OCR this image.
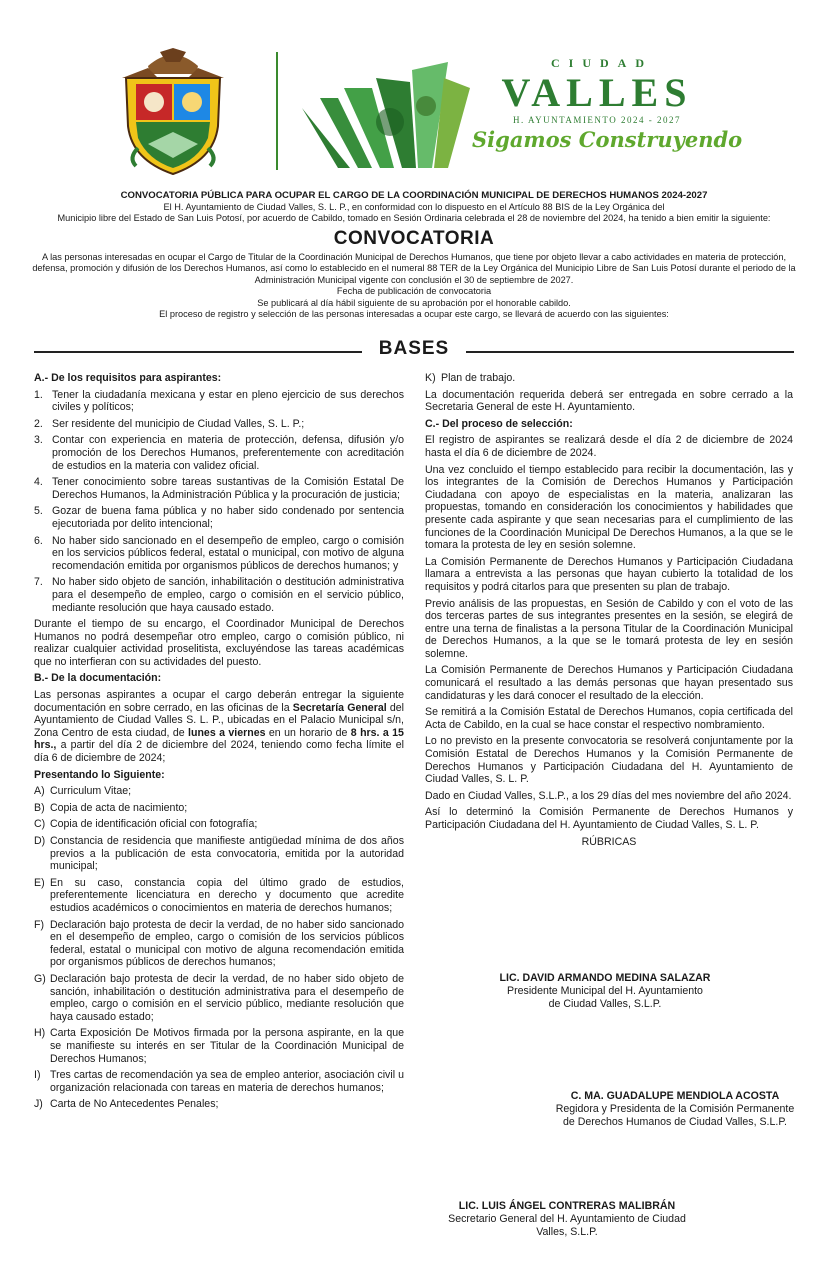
CIUDAD
VALLES
H. AYUNTAMIENTO 2024 - 2027
Sigamos Construyendo
CONVOCATORIA PÚBLICA PARA OCUPAR EL CARGO DE LA COORDINACIÓN MUNICIPAL DE DERECHOS HUMANOS 2024-2027
El H. Ayuntamiento de Ciudad Valles, S. L. P., en conformidad con lo dispuesto en el Artículo 88 BIS de la Ley Orgánica del
Municipio libre del Estado de San Luis Potosí, por acuerdo de Cabildo, tomado en Sesión Ordinaria celebrada el 28 de noviembre del 2024, ha tenido a bien emitir la siguiente:
CONVOCATORIA
A las personas interesadas en ocupar el Cargo de Titular de la Coordinación Municipal de Derechos Humanos, que tiene por objeto llevar a cabo actividades en materia de protección, defensa, promoción y difusión de los Derechos Humanos, así como lo establecido en el numeral 88 TER de la Ley Orgánica del Municipio Libre de San Luis Potosí durante el periodo de la Administración Municipal vigente con conclusión el 30 de septiembre de 2027.
Fecha de publicación de convocatoria
Se publicará al día hábil siguiente de su aprobación por el honorable cabildo.
El proceso de registro y selección de las personas interesadas a ocupar este cargo, se llevará de acuerdo con las siguientes:
BASES
A.- De los requisitos para aspirantes:
1. Tener la ciudadanía mexicana y estar en pleno ejercicio de sus derechos civiles y políticos;
2. Ser residente del municipio de Ciudad Valles, S. L. P.;
3. Contar con experiencia en materia de protección, defensa, difusión y/o promoción de los Derechos Humanos, preferentemente con acreditación de estudios en la materia con validez oficial.
4. Tener conocimiento sobre tareas sustantivas de la Comisión Estatal De Derechos Humanos, la Administración Pública y la procuración de justicia;
5. Gozar de buena fama pública y no haber sido condenado por sentencia ejecutoriada por delito intencional;
6. No haber sido sancionado en el desempeño de empleo, cargo o comisión en los servicios públicos federal, estatal o municipal, con motivo de alguna recomendación emitida por organismos públicos de derechos humanos; y
7. No haber sido objeto de sanción, inhabilitación o destitución administrativa para el desempeño de empleo, cargo o comisión en el servicio público, mediante resolución que haya causado estado.

Durante el tiempo de su encargo, el Coordinador Municipal de Derechos Humanos no podrá desempeñar otro empleo, cargo o comisión público, ni realizar cualquier actividad proselitista, excluyéndose las tareas académicas que no interfieran con su actividades del puesto.

B.- De la documentación:

Las personas aspirantes a ocupar el cargo deberán entregar la siguiente documentación en sobre cerrado, en las oficinas de la Secretaría General del Ayuntamiento de Ciudad Valles S. L. P., ubicadas en el Palacio Municipal s/n, Zona Centro de esta ciudad, de lunes a viernes en un horario de 8 hrs. a 15 hrs., a partir del día 2 de diciembre del 2024, teniendo como fecha límite el día 6 de diciembre de 2024;

Presentando lo Siguiente:
A) Curriculum Vitae;
B) Copia de acta de nacimiento;
C) Copia de identificación oficial con fotografía;
D) Constancia de residencia que manifieste antigüedad mínima de dos años previos a la publicación de esta convocatoria, emitida por la autoridad municipal;
E) En su caso, constancia copia del último grado de estudios, preferentemente licenciatura en derecho y documento que acredite estudios académicos o conocimientos en materia de derechos humanos;
F) Declaración bajo protesta de decir la verdad, de no haber sido sancionado en el desempeño de empleo, cargo o comisión de los servicios públicos federal, estatal o municipal con motivo de alguna recomendación emitida por organismos públicos de derechos humanos;
G) Declaración bajo protesta de decir la verdad, de no haber sido objeto de sanción, inhabilitación o destitución administrativa para el desempeño de empleo, cargo o comisión en el servicio público, mediante resolución que haya causado estado;
H) Carta Exposición De Motivos firmada por la persona aspirante, en la que se manifieste su interés en ser Titular de la Coordinación Municipal de Derechos Humanos;
I) Tres cartas de recomendación ya sea de empleo anterior, asociación civil u organización relacionada con tareas en materia de derechos humanos;
J) Carta de No Antecedentes Penales;
K) Plan de trabajo.

La documentación requerida deberá ser entregada en sobre cerrado a la Secretaria General de este H. Ayuntamiento.

C.- Del proceso de selección:

El registro de aspirantes se realizará desde el día 2 de diciembre de 2024 hasta el día 6 de diciembre de 2024.

Una vez concluido el tiempo establecido para recibir la documentación, las y los integrantes de la Comisión de Derechos Humanos y Participación Ciudadana con apoyo de especialistas en la materia, analizaran las propuestas, tomando en consideración los conocimientos y habilidades que presente cada aspirante y que sean necesarias para el cumplimiento de las funciones de la Coordinación Municipal De Derechos Humanos, a la que se le tomara la protesta de ley en sesión solemne.

La Comisión Permanente de Derechos Humanos y Participación Ciudadana llamara a entrevista a las personas que hayan cubierto la totalidad de los requisitos y podrá citarlos para que presenten su plan de trabajo.

Previo análisis de las propuestas, en Sesión de Cabildo y con el voto de las dos terceras partes de sus integrantes presentes en la sesión, se elegirá de entre una terna de finalistas a la persona Titular de la Coordinación Municipal de Derechos Humanos, a la que se le tomará protesta de ley en sesión solemne.

La Comisión Permanente de Derechos Humanos y Participación Ciudadana comunicará el resultado a las demás personas que hayan presentado sus candidaturas y les dará conocer el resultado de la elección.

Se remitirá a la Comisión Estatal de Derechos Humanos, copia certificada del Acta de Cabildo, en la cual se hace constar el respectivo nombramiento.

Lo no previsto en la presente convocatoria se resolverá conjuntamente por la Comisión Estatal de Derechos Humanos y la Comisión Permanente de Derechos Humanos y Participación Ciudadana del H. Ayuntamiento de Ciudad Valles, S. L. P.

Dado en Ciudad Valles, S.L.P., a los 29 días del mes noviembre del año 2024.

Así lo determinó la Comisión Permanente de Derechos Humanos y Participación Ciudadana del H. Ayuntamiento de Ciudad Valles, S. L. P.

RÚBRICAS
LIC. DAVID ARMANDO MEDINA SALAZAR
Presidente Municipal del H. Ayuntamiento
de Ciudad Valles, S.L.P.
C. MA. GUADALUPE MENDIOLA ACOSTA
Regidora y Presidenta de la Comisión Permanente
de Derechos Humanos de Ciudad Valles, S.L.P.
LIC. LUIS ÁNGEL CONTRERAS MALIBRÁN
Secretario General del H. Ayuntamiento de Ciudad
Valles, S.L.P.
